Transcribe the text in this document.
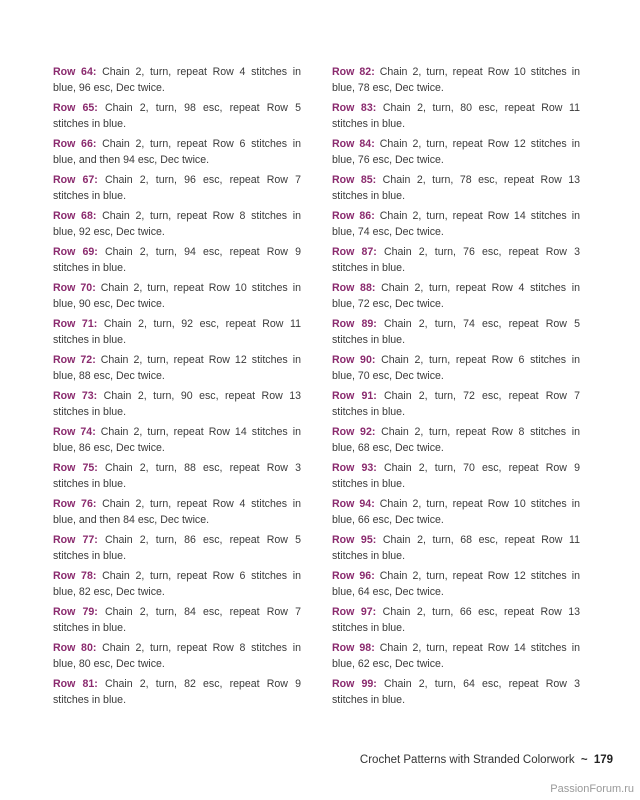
Row 64: Chain 2, turn, repeat Row 4 stitches in blue, 96 esc, Dec twice.

Row 65: Chain 2, turn, 98 esc, repeat Row 5 stitches in blue.

Row 66: Chain 2, turn, repeat Row 6 stitches in blue, and then 94 esc, Dec twice.

Row 67: Chain 2, turn, 96 esc, repeat Row 7 stitches in blue.

Row 68: Chain 2, turn, repeat Row 8 stitches in blue, 92 esc, Dec twice.

Row 69: Chain 2, turn, 94 esc, repeat Row 9 stitches in blue.

Row 70: Chain 2, turn, repeat Row 10 stitches in blue, 90 esc, Dec twice.

Row 71: Chain 2, turn, 92 esc, repeat Row 11 stitches in blue.

Row 72: Chain 2, turn, repeat Row 12 stitches in blue, 88 esc, Dec twice.

Row 73: Chain 2, turn, 90 esc, repeat Row 13 stitches in blue.

Row 74: Chain 2, turn, repeat Row 14 stitches in blue, 86 esc, Dec twice.

Row 75: Chain 2, turn, 88 esc, repeat Row 3 stitches in blue.

Row 76: Chain 2, turn, repeat Row 4 stitches in blue, and then 84 esc, Dec twice.

Row 77: Chain 2, turn, 86 esc, repeat Row 5 stitches in blue.

Row 78: Chain 2, turn, repeat Row 6 stitches in blue, 82 esc, Dec twice.

Row 79: Chain 2, turn, 84 esc, repeat Row 7 stitches in blue.

Row 80: Chain 2, turn, repeat Row 8 stitches in blue, 80 esc, Dec twice.

Row 81: Chain 2, turn, 82 esc, repeat Row 9 stitches in blue.

Row 82: Chain 2, turn, repeat Row 10 stitches in blue, 78 esc, Dec twice.

Row 83: Chain 2, turn, 80 esc, repeat Row 11 stitches in blue.

Row 84: Chain 2, turn, repeat Row 12 stitches in blue, 76 esc, Dec twice.

Row 85: Chain 2, turn, 78 esc, repeat Row 13 stitches in blue.

Row 86: Chain 2, turn, repeat Row 14 stitches in blue, 74 esc, Dec twice.

Row 87: Chain 2, turn, 76 esc, repeat Row 3 stitches in blue.

Row 88: Chain 2, turn, repeat Row 4 stitches in blue, 72 esc, Dec twice.

Row 89: Chain 2, turn, 74 esc, repeat Row 5 stitches in blue.

Row 90: Chain 2, turn, repeat Row 6 stitches in blue, 70 esc, Dec twice.

Row 91: Chain 2, turn, 72 esc, repeat Row 7 stitches in blue.

Row 92: Chain 2, turn, repeat Row 8 stitches in blue, 68 esc, Dec twice.

Row 93: Chain 2, turn, 70 esc, repeat Row 9 stitches in blue.

Row 94: Chain 2, turn, repeat Row 10 stitches in blue, 66 esc, Dec twice.

Row 95: Chain 2, turn, 68 esc, repeat Row 11 stitches in blue.

Row 96: Chain 2, turn, repeat Row 12 stitches in blue, 64 esc, Dec twice.

Row 97: Chain 2, turn, 66 esc, repeat Row 13 stitches in blue.

Row 98: Chain 2, turn, repeat Row 14 stitches in blue, 62 esc, Dec twice.

Row 99: Chain 2, turn, 64 esc, repeat Row 3 stitches in blue.

Crochet Patterns with Stranded Colorwork ~ 179
PassionForum.ru
